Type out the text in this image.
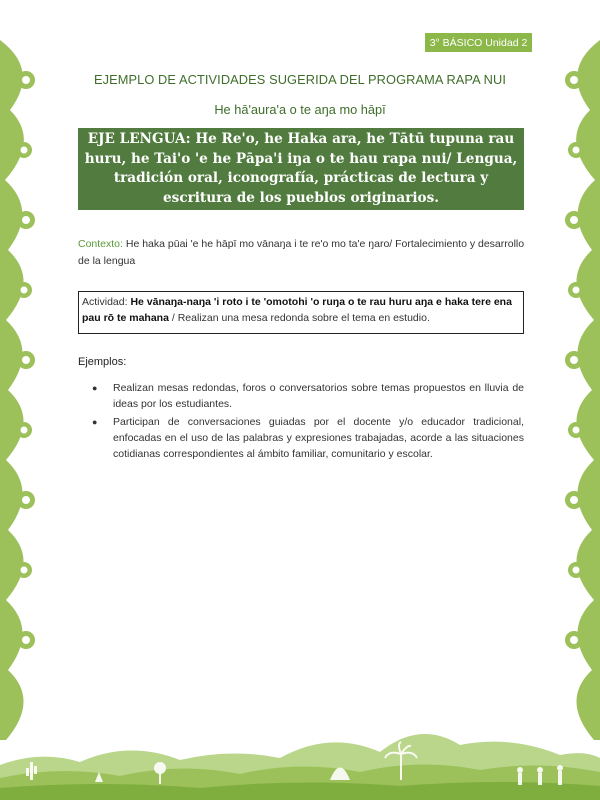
3° BÁSICO Unidad 2
EJEMPLO DE ACTIVIDADES SUGERIDA DEL PROGRAMA RAPA NUI
He hā'aura'a o te aŋa mo hāpī
EJE LENGUA: He Re'o, he Haka ara, he Tātū tupuna rau huru, he Tai'o 'e he Pāpa'i iŋa o te hau rapa nui/ Lengua, tradición oral, iconografía, prácticas de lectura y escritura de los pueblos originarios.
Contexto: He haka pūai 'e he hāpī mo vānaŋa i te re'o mo ta'e ŋaro/ Fortalecimiento y desarrollo de la lengua
Actividad: He vānaŋa-naŋa 'i roto i te 'omotohi 'o ruŋa o te rau huru aŋa e haka tere ena pau rō te mahana / Realizan una mesa redonda sobre el tema en estudio.
Ejemplos:
● Realizan mesas redondas, foros o conversatorios sobre temas propuestos en lluvia de ideas por los estudiantes.
● Participan de conversaciones guiadas por el docente y/o educador tradicional, enfocadas en el uso de las palabras y expresiones trabajadas, acorde a las situaciones cotidianas correspondientes al ámbito familiar, comunitario y escolar.
